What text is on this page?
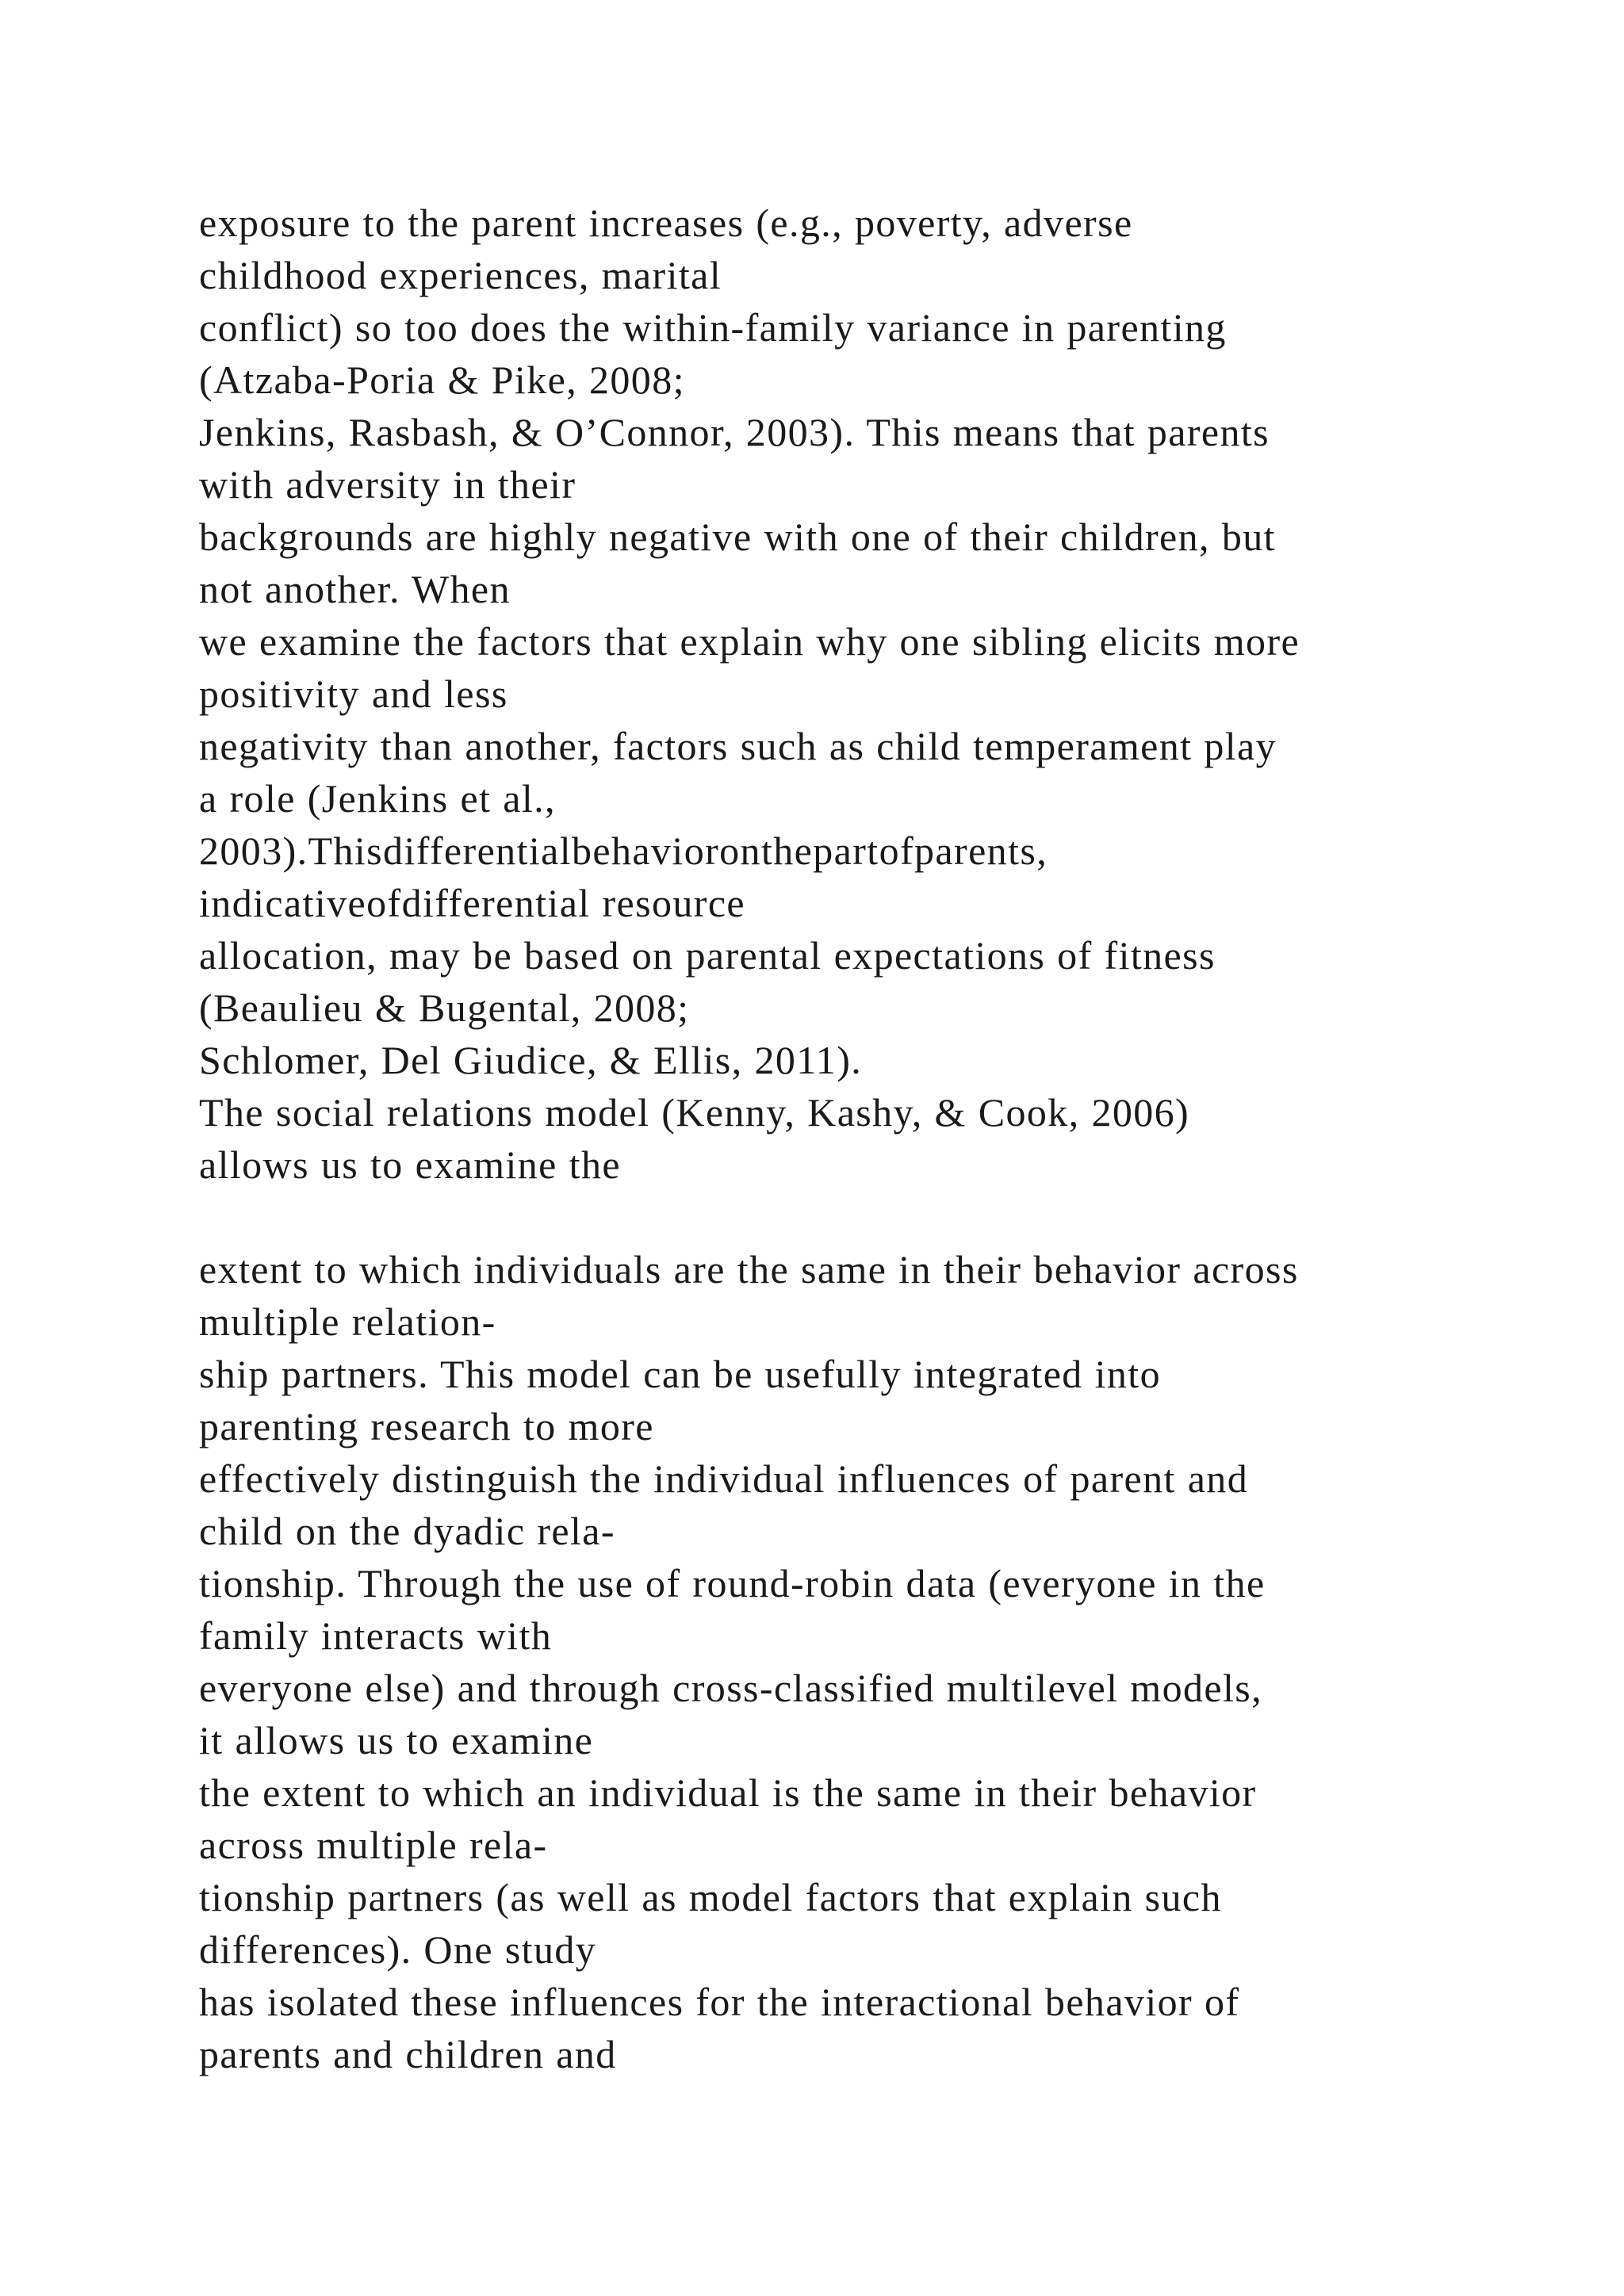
exposure to the parent increases (e.g., poverty, adverse
childhood experiences, marital
conflict) so too does the within-family variance in parenting
(Atzaba-Poria & Pike, 2008;
Jenkins, Rasbash, & O’Connor, 2003). This means that parents
with adversity in their
backgrounds are highly negative with one of their children, but
not another. When
we examine the factors that explain why one sibling elicits more
positivity and less
negativity than another, factors such as child temperament play
a role (Jenkins et al.,
2003).Thisdifferentialbehavioronthepartofparents,
indicativeofdifferential resource
allocation, may be based on parental expectations of fitness
(Beaulieu & Bugental, 2008;
Schlomer, Del Giudice, & Ellis, 2011).
The social relations model (Kenny, Kashy, & Cook, 2006)
allows us to examine the
extent to which individuals are the same in their behavior across
multiple relation-
ship partners. This model can be usefully integrated into
parenting research to more
effectively distinguish the individual influences of parent and
child on the dyadic rela-
tionship. Through the use of round-robin data (everyone in the
family interacts with
everyone else) and through cross-classified multilevel models,
it allows us to examine
the extent to which an individual is the same in their behavior
across multiple rela-
tionship partners (as well as model factors that explain such
differences). One study
has isolated these influences for the interactional behavior of
parents and children and
